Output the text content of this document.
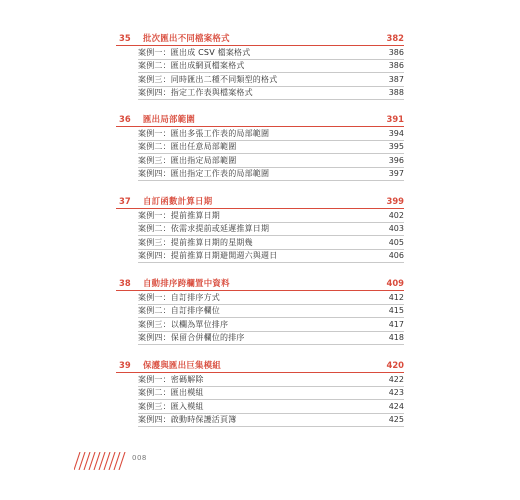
35	批次匯出不同檔案格式	382
案例一：匯出成 CSV 檔案格式	386
案例二：匯出成網頁檔案格式	386
案例三：同時匯出二種不同類型的格式	387
案例四：指定工作表與檔案格式	388
36	匯出局部範圍	391
案例一：匯出多張工作表的局部範圍	394
案例二：匯出任意局部範圍	395
案例三：匯出指定局部範圍	396
案例四：匯出指定工作表的局部範圍	397
37	自訂函數計算日期	399
案例一：提前推算日期	402
案例二：依需求提前或延遲推算日期	403
案例三：提前推算日期的星期幾	405
案例四：提前推算日期避開週六與週日	406
38	自動排序跨欄置中資料	409
案例一：自訂排序方式	412
案例二：自訂排序欄位	415
案例三：以欄為單位排序	417
案例四：保留合併欄位的排序	418
39	保護與匯出巨集模組	420
案例一：密碼解除	422
案例二：匯出模組	423
案例三：匯入模組	424
案例四：啟動時保護活頁簿	425
008
